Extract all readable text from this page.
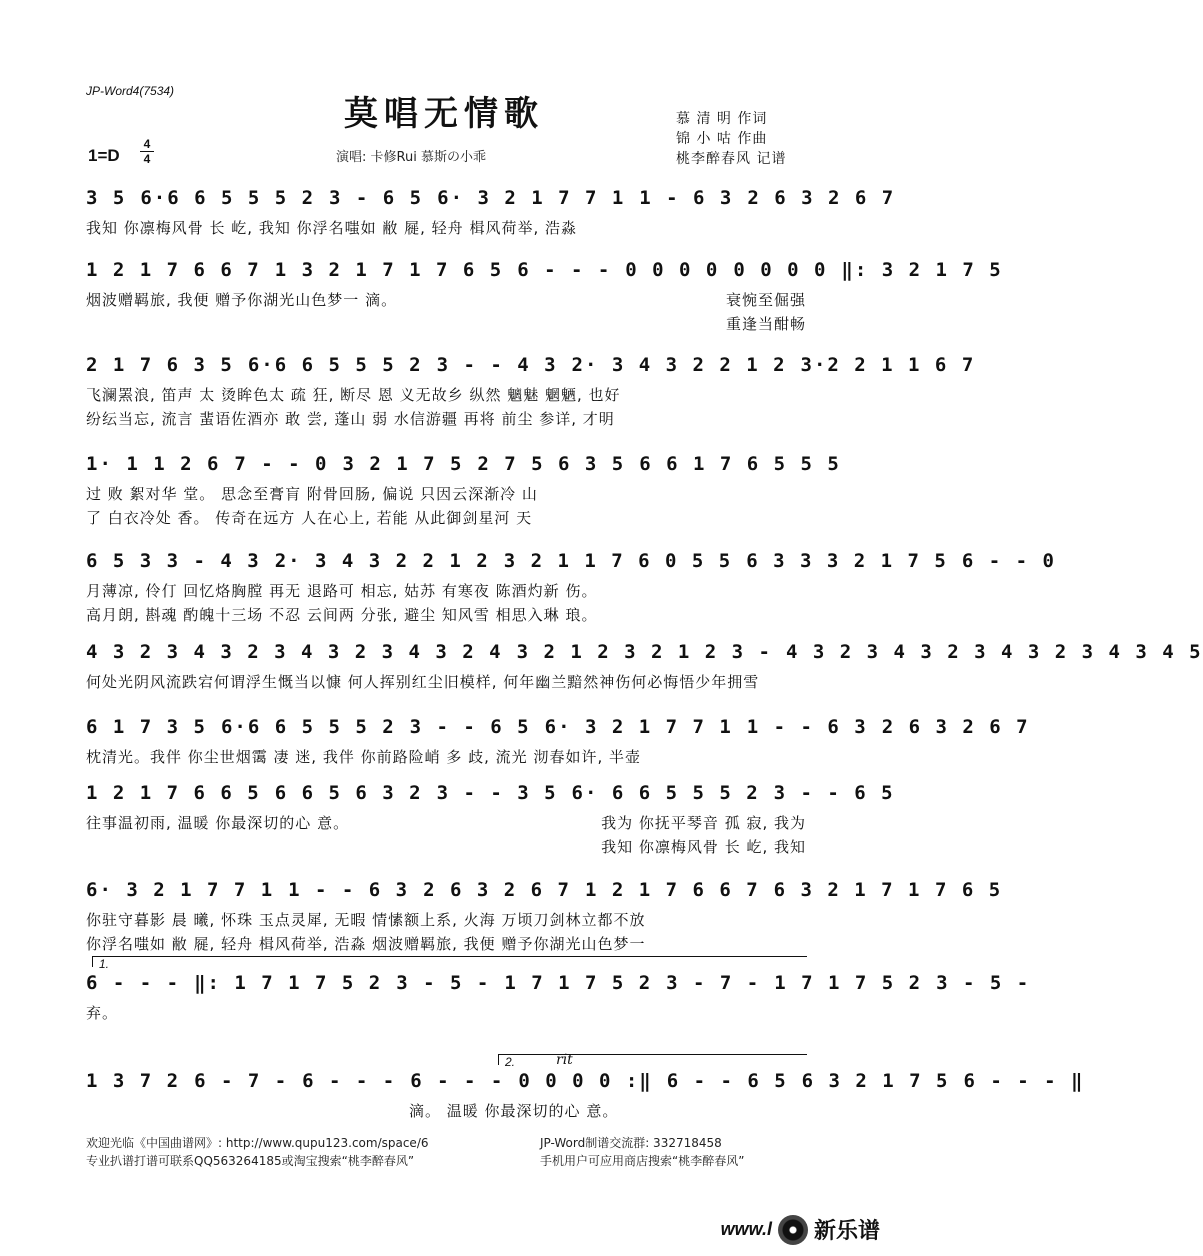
JP-Word4(7534)
莫唱无情歌	慕 清 明 作词
锦 小 咕 作曲
桃李醉春风 记谱
1=D
4
4	演唱: 卡修Rui 慕斯の小乖
3 5 6·6 6 5 5 5 2 3 - 6 5 6· 3 2 1 7 7 1 1 - 6 3 2 6 3 2 6 7
我知 你凛梅风骨 长 屹, 我知 你浮名嗤如 敝 屣, 轻舟 楫风荷举, 浩淼
1 2 1 7 6 6 7 1 3 2 1 7 1 7 6 5 6 - - - 0 0 0 0 0 0 0 0 ‖: 3 2 1 7 5
烟波赠羁旅, 我便 赠予你湖光山色梦一 滴。	衰惋至倔强
重逢当酣畅
2 1 7 6 3 5 6·6 6 5 5 5 2 3 - - 4 3 2· 3 4 3 2 2 1 2 3·2 2 1 1 6 7
飞澜罴浪, 笛声 太 烫眸色太 疏 狂, 断尽 恩 义无故乡 纵然 魑魅 魍魉, 也好
纷纭当忘, 流言 蜚语佐酒亦 敢 尝, 蓬山 弱 水信游疆 再将 前尘 参详, 才明
1· 1 1 2 6 7 - - 0 3 2 1 7 5 2 7 5 6 3 5 6 6 1 7 6 5 5 5
过 败 絮对华 堂。 思念至膏肓 附骨回肠, 偏说 只因云深渐冷 山
了 白衣冷处 香。 传奇在远方 人在心上, 若能 从此御剑星河 天
6 5 3 3 - 4 3 2· 3 4 3 2 2 1 2 3 2 1 1 7 6 0 5 5 6 3 3 3 2 1 7 5 6 - - 0
月薄凉, 伶仃 回忆烙胸膛 再无 退路可 相忘, 姑苏 有寒夜 陈酒灼新 伤。
高月朗, 斟魂 酌魄十三场 不忍 云间两 分张, 避尘 知风雪 相思入琳 琅。
4 3 2 3 4 3 2 3 4 3 2 3 4 3 2 4 3 2 1 2 3 2 1 2 3 - 4 3 2 3 4 3 2 3 4 3 2 3 4 3 4 5
何处光阴风流跌宕何谓浮生慨当以慷 何人挥别红尘旧模样, 何年幽兰黯然神伤何必悔悟少年拥雪
6 1 7 3 5 6·6 6 5 5 5 2 3 - - 6 5 6· 3 2 1 7 7 1 1 - - 6 3 2 6 3 2 6 7
枕清光。我伴 你尘世烟霭 凄 迷, 我伴 你前路险峭 多 歧, 流光 沏春如许, 半壶
1 2 1 7 6 6 5 6 6 5 6 3 2 3 - - 3 5 6· 6 6 5 5 5 2 3 - - 6 5
往事温初雨, 温暖 你最深切的心 意。	我为 你抚平琴音 孤 寂, 我为
我知 你凛梅风骨 长 屹, 我知
6· 3 2 1 7 7 1 1 - - 6 3 2 6 3 2 6 7 1 2 1 7 6 6 7 6 3 2 1 7 1 7 6 5
你驻守暮影 晨 曦, 怀珠 玉点灵犀, 无暇 情愫额上系, 火海 万顷刀剑林立都不放
你浮名嗤如 敝 屣, 轻舟 楫风荷举, 浩淼 烟波赠羁旅, 我便 赠予你湖光山色梦一
1.
6 - - - ‖: 1 7 1 7 5 2 3 - 5 - 1 7 1 7 5 2 3 - 7 - 1 7 1 7 5 2 3 - 5 -
弃。
2.	rit
1 3 7 2 6 - 7 - 6 - - - 6 - - - 0 0 0 0 :‖ 6 - - 6 5 6 3 2 1 7 5 6 - - - ‖
滴。 温暖 你最深切的心 意。
欢迎光临《中国曲谱网》: http://www.qupu123.com/space/6
专业扒谱打谱可联系QQ563264185或淘宝搜索“桃李醉春风”
JP-Word制谱交流群: 332718458
手机用户可应用商店搜索“桃李醉春风”
www.l 新乐谱
